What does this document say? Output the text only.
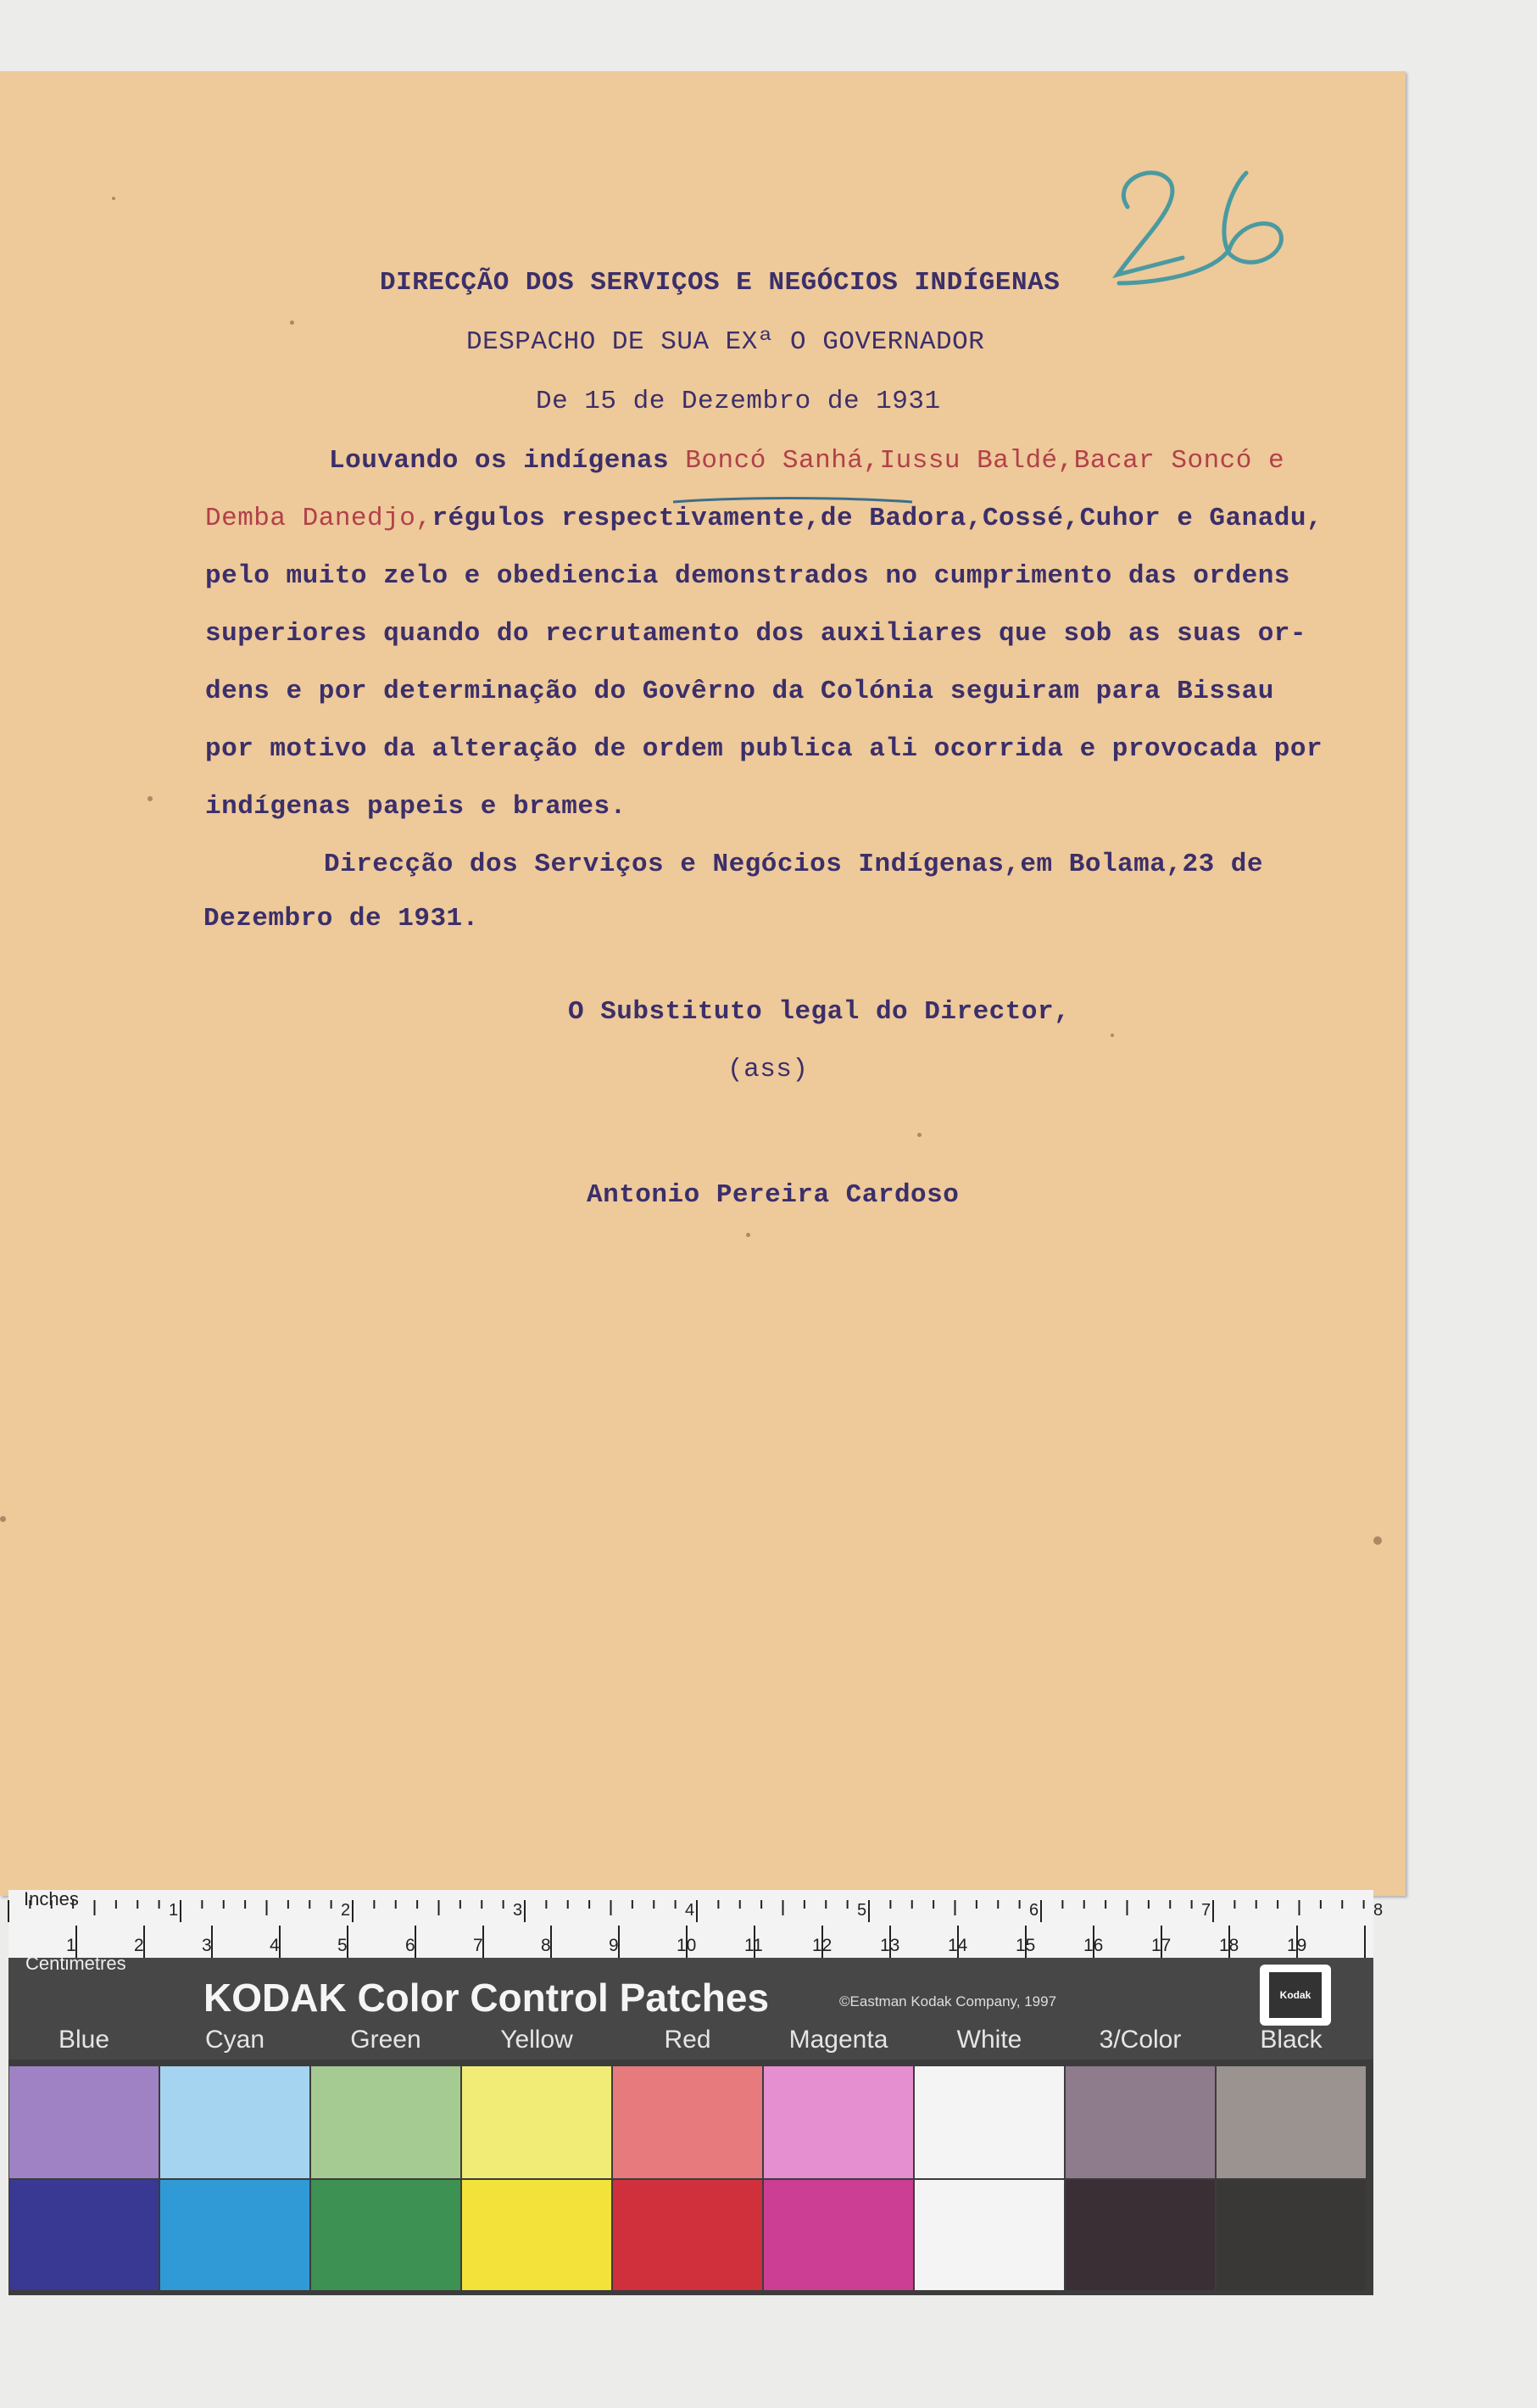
DIRECÇÃO DOS SERVIÇOS E NEGÓCIOS INDÍGENAS
DESPACHO DE SUA EXª O GOVERNADOR
De 15 de Dezembro de 1931
Louvando os indígenas Boncó Sanhá,Iussu Baldé,Bacar Soncó e
Demba Danedjo,régulos respectivamente,de Badora,Cossé,Cuhor e Ganadu,
pelo muito zelo e obediencia demonstrados no cumprimento das ordens
superiores quando do recrutamento dos auxiliares que sob as suas or-
dens e por determinação do Govêrno da Colónia seguiram para Bissau
por motivo da alteração de ordem publica ali ocorrida e provocada por
indígenas papeis e brames.
Direcção dos Serviços e Negócios Indígenas,em Bolama,23 de
Dezembro de 1931.
O Substituto legal do Director,
(ass)
Antonio Pereira Cardoso
1	2	3	4	5	6	7	8
1	2	3	4	5	6	7	8	9	10	11	12	13	14	15	16	17	18	19
Inches
Centimetres
KODAK Color Control Patches	©Eastman Kodak Company, 1997	Kodak
Blue	Cyan	Green	Yellow	Red	Magenta	White	3/Color	Black
